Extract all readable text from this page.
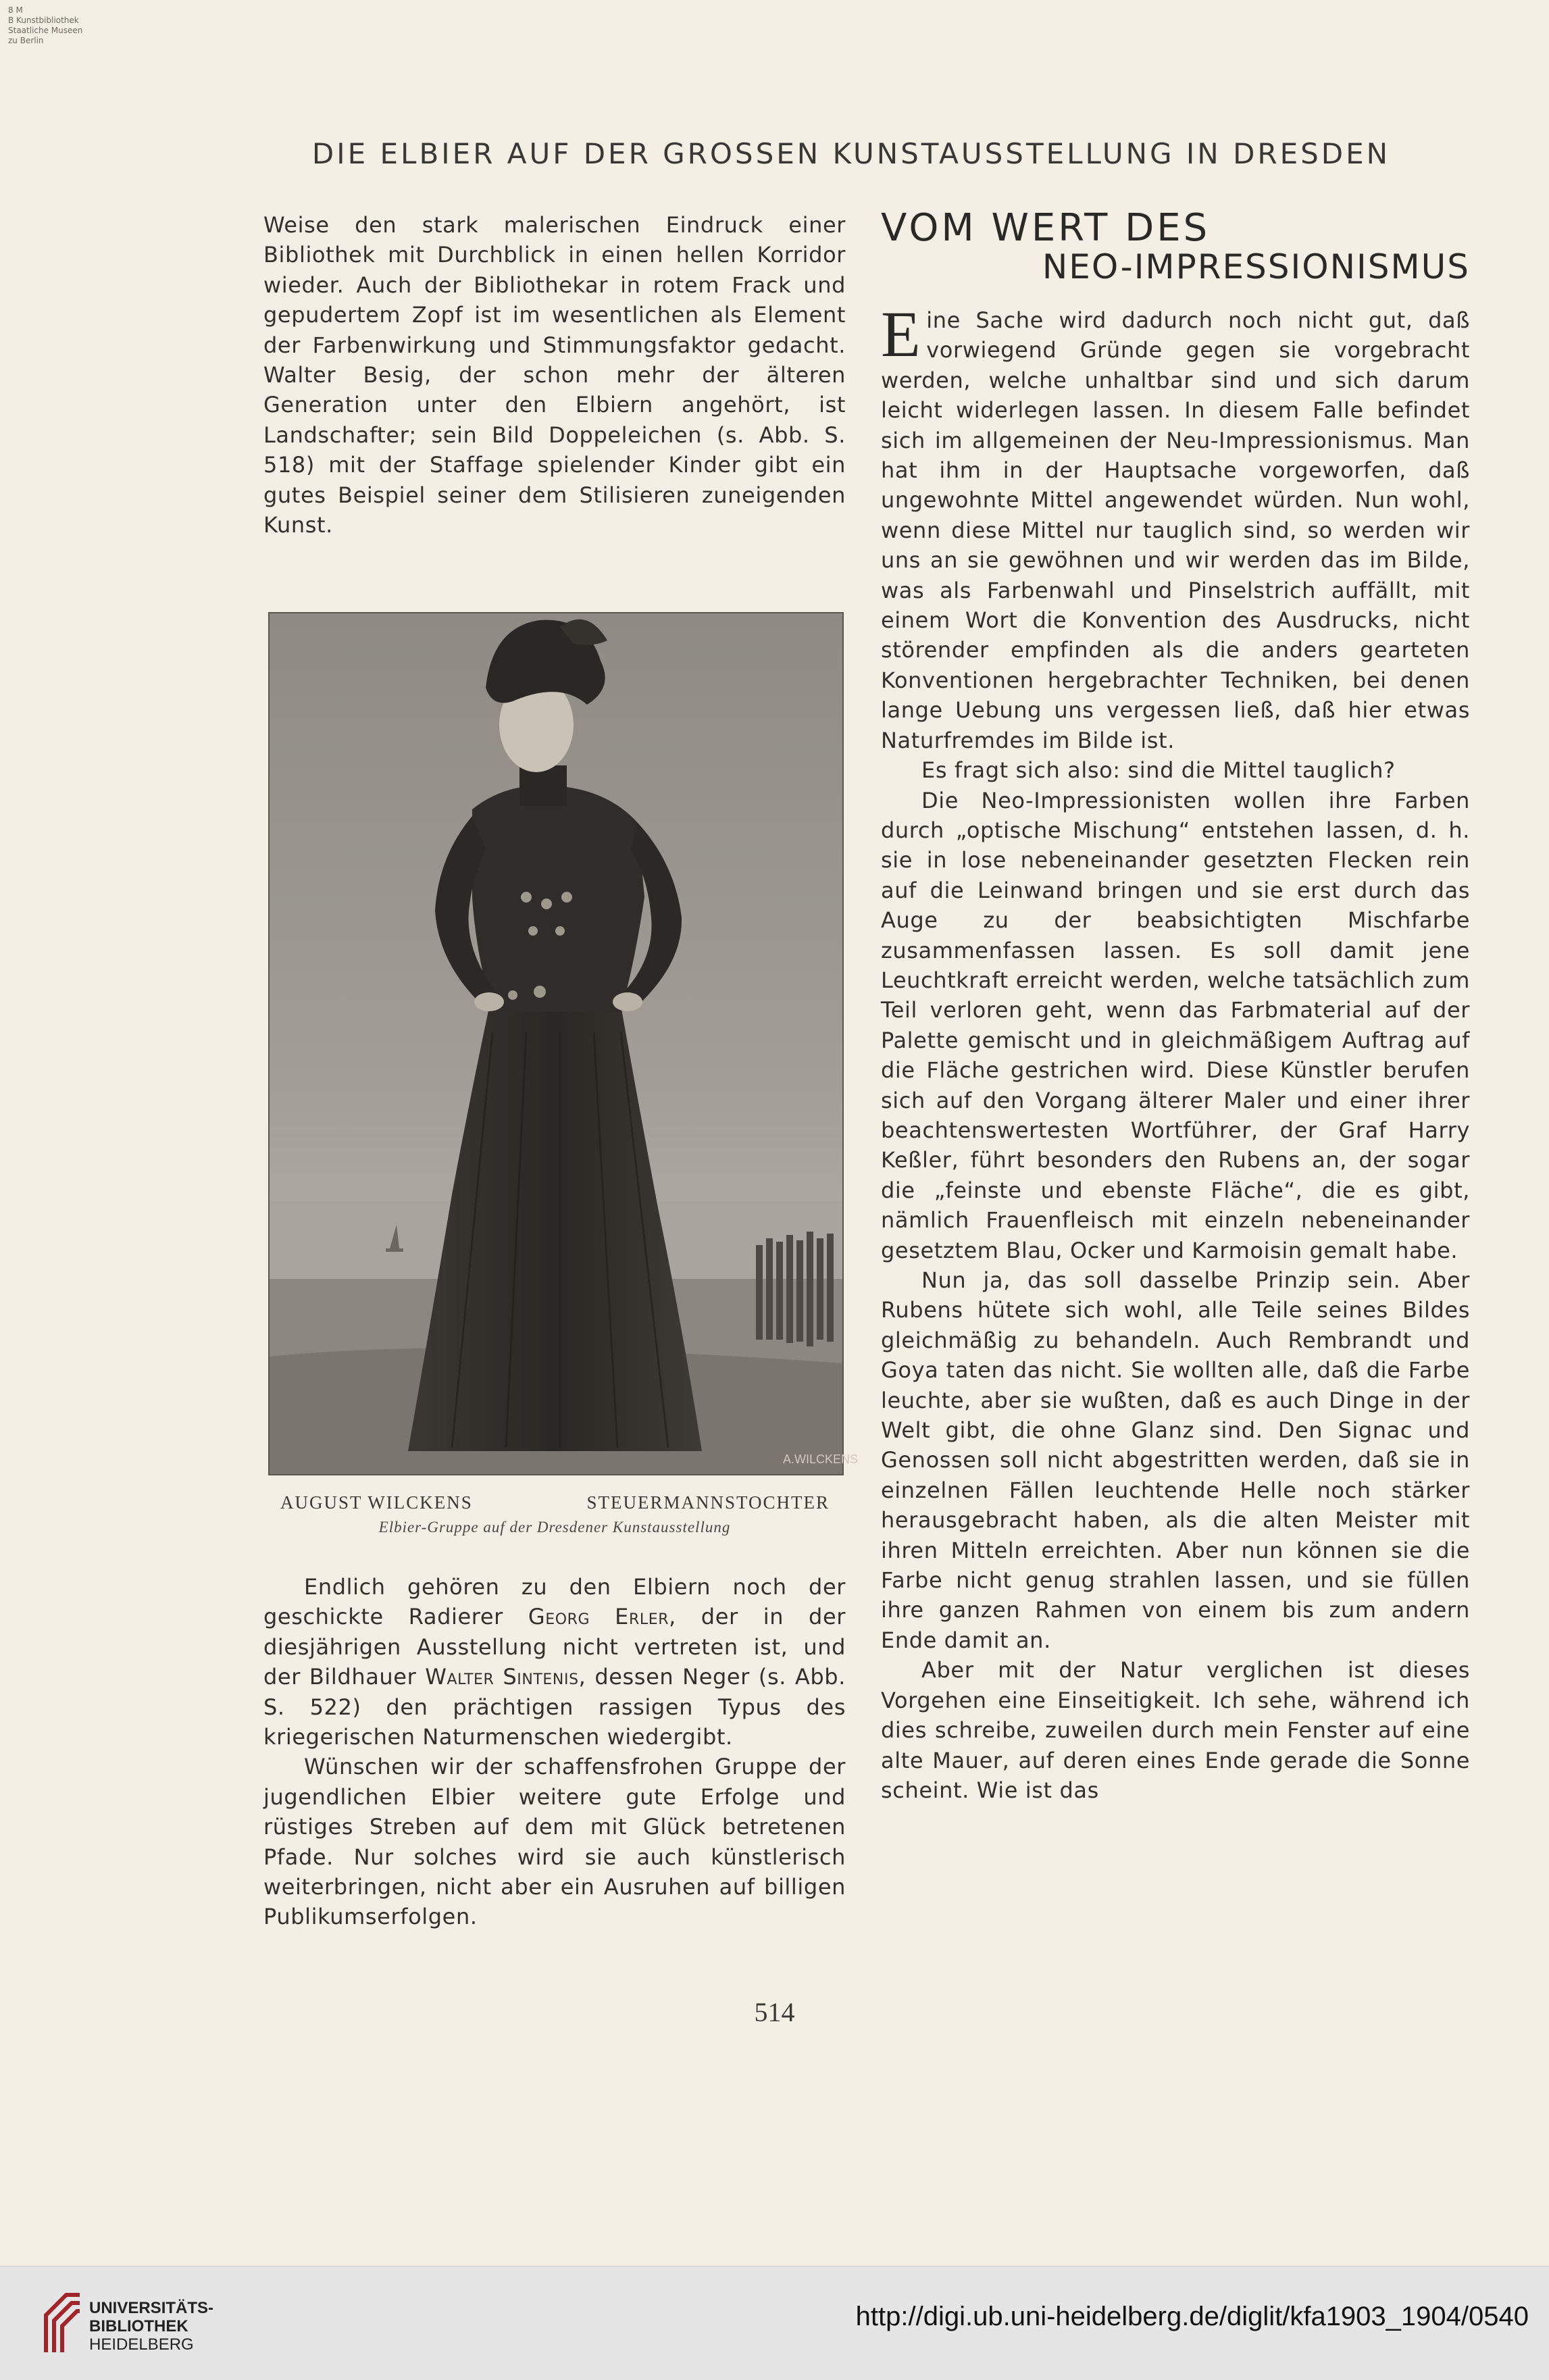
8 M
B Kunstbibliothek
Staatliche Museen
zu Berlin
DIE ELBIER AUF DER GROSSEN KUNSTAUSSTELLUNG IN DRESDEN

Weise den stark malerischen Eindruck einer Bibliothek mit Durchblick in einen hellen Korridor wieder. Auch der Bibliothekar in rotem Frack und gepudertem Zopf ist im wesentlichen als Element der Farbenwirkung und Stimmungsfaktor gedacht. Walter Besig, der schon mehr der älteren Generation unter den Elbiern angehört, ist Landschafter; sein Bild Doppeleichen (s. Abb. S. 518) mit der Staffage spielender Kinder gibt ein gutes Beispiel seiner dem Stilisieren zuneigenden Kunst.

A.WILCKENS
AUGUST WILCKENS	STEUERMANNSTOCHTER
Elbier-Gruppe auf der Dresdener Kunstausstellung

Endlich gehören zu den Elbiern noch der geschickte Radierer Georg Erler, der in der diesjährigen Ausstellung nicht vertreten ist, und der Bildhauer Walter Sintenis, dessen Neger (s. Abb. S. 522) den prächtigen rassigen Typus des kriegerischen Naturmenschen wiedergibt.

Wünschen wir der schaffensfrohen Gruppe der jugendlichen Elbier weitere gute Erfolge und rüstiges Streben auf dem mit Glück betretenen Pfade. Nur solches wird sie auch künstlerisch weiterbringen, nicht aber ein Ausruhen auf billigen Publikumserfolgen.

VOM WERT DES
NEO-IMPRESSIONISMUS

Eine Sache wird dadurch noch nicht gut, daß vorwiegend Gründe gegen sie vorgebracht werden, welche unhaltbar sind und sich darum leicht widerlegen lassen. In diesem Falle befindet sich im allgemeinen der Neu-Impressionismus. Man hat ihm in der Hauptsache vorgeworfen, daß ungewohnte Mittel angewendet würden. Nun wohl, wenn diese Mittel nur tauglich sind, so werden wir uns an sie gewöhnen und wir werden das im Bilde, was als Farbenwahl und Pinselstrich auffällt, mit einem Wort die Konvention des Ausdrucks, nicht störender empfinden als die anders gearteten Konventionen hergebrachter Techniken, bei denen lange Uebung uns vergessen ließ, daß hier etwas Naturfremdes im Bilde ist.

Es fragt sich also: sind die Mittel tauglich?

Die Neo-Impressionisten wollen ihre Farben durch „optische Mischung“ entstehen lassen, d. h. sie in lose nebeneinander gesetzten Flecken rein auf die Leinwand bringen und sie erst durch das Auge zu der beabsichtigten Mischfarbe zusammenfassen lassen. Es soll damit jene Leuchtkraft erreicht werden, welche tatsächlich zum Teil verloren geht, wenn das Farbmaterial auf der Palette gemischt und in gleichmäßigem Auftrag auf die Fläche gestrichen wird. Diese Künstler berufen sich auf den Vorgang älterer Maler und einer ihrer beachtenswertesten Wortführer, der Graf Harry Keßler, führt besonders den Rubens an, der sogar die „feinste und ebenste Fläche“, die es gibt, nämlich Frauenfleisch mit einzeln nebeneinander gesetztem Blau, Ocker und Karmoisin gemalt habe.

Nun ja, das soll dasselbe Prinzip sein. Aber Rubens hütete sich wohl, alle Teile seines Bildes gleichmäßig zu behandeln. Auch Rembrandt und Goya taten das nicht. Sie wollten alle, daß die Farbe leuchte, aber sie wußten, daß es auch Dinge in der Welt gibt, die ohne Glanz sind. Den Signac und Genossen soll nicht abgestritten werden, daß sie in einzelnen Fällen leuchtende Helle noch stärker herausgebracht haben, als die alten Meister mit ihren Mitteln erreichten. Aber nun können sie die Farbe nicht genug strahlen lassen, und sie füllen ihre ganzen Rahmen von einem bis zum andern Ende damit an.

Aber mit der Natur verglichen ist dieses Vorgehen eine Einseitigkeit. Ich sehe, während ich dies schreibe, zuweilen durch mein Fenster auf eine alte Mauer, auf deren eines Ende gerade die Sonne scheint. Wie ist das

514
UNIVERSITÄTS-
BIBLIOTHEK
HEIDELBERG
http://digi.ub.uni-heidelberg.de/diglit/kfa1903_1904/0540
